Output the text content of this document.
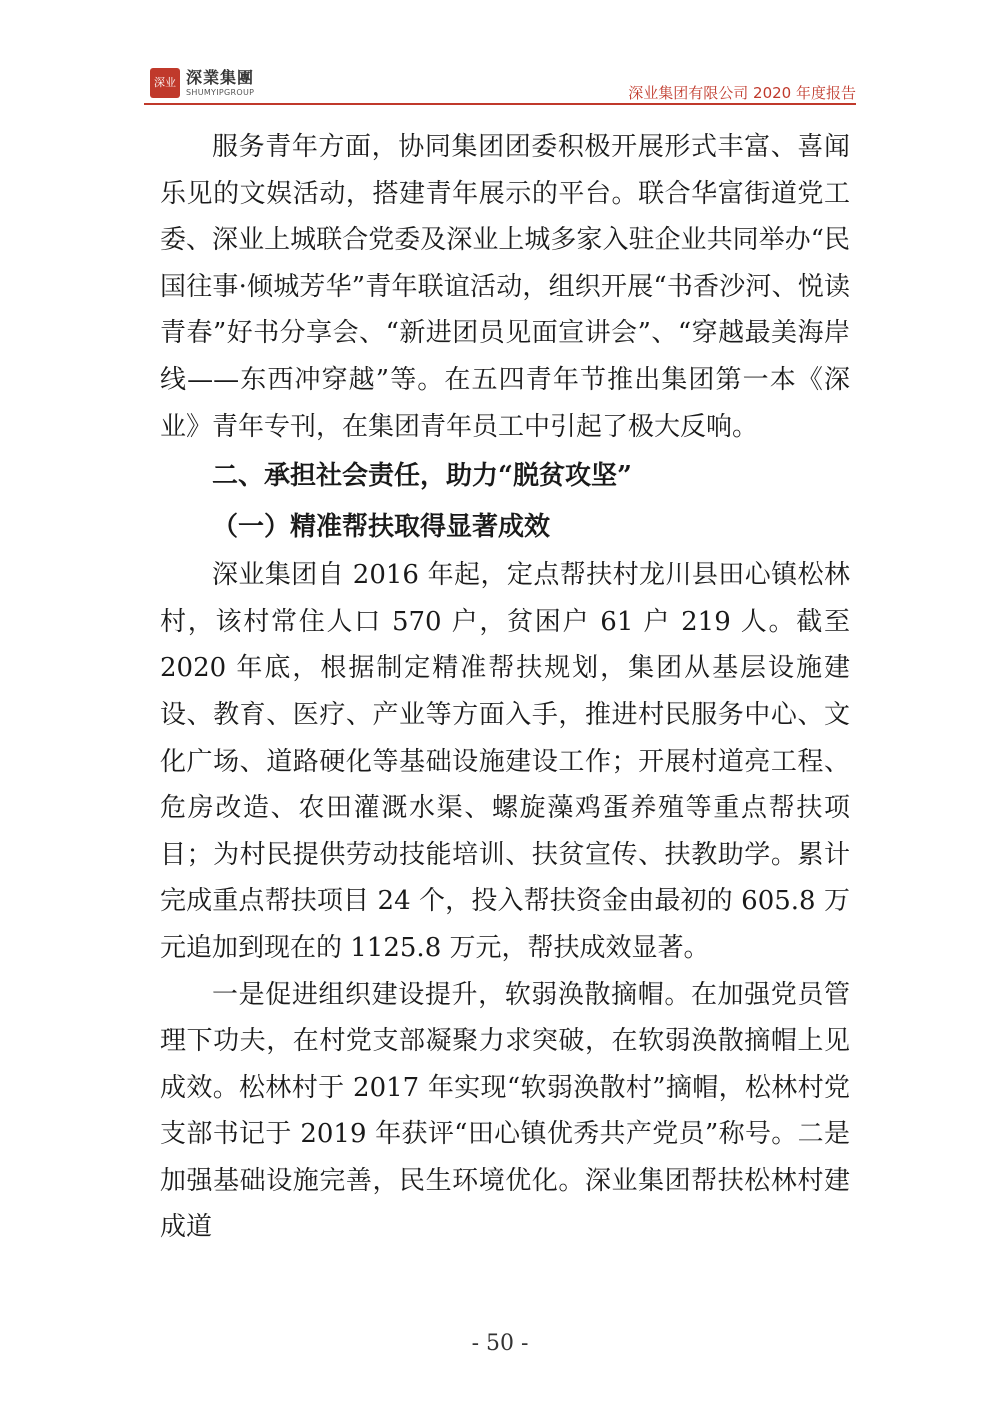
深业 深業集團
SHUMYIPGROUP	深业集团有限公司 2020 年度报告

服务青年方面，协同集团团委积极开展形式丰富、喜闻乐见的文娱活动，搭建青年展示的平台。联合华富街道党工委、深业上城联合党委及深业上城多家入驻企业共同举办“民国往事·倾城芳华”青年联谊活动，组织开展“书香沙河、悦读青春”好书分享会、“新进团员见面宣讲会”、“穿越最美海岸线——东西冲穿越”等。在五四青年节推出集团第一本《深业》青年专刊，在集团青年员工中引起了极大反响。

二、承担社会责任，助力“脱贫攻坚”
（一）精准帮扶取得显著成效

深业集团自 2016 年起，定点帮扶村龙川县田心镇松林村，该村常住人口 570 户，贫困户 61 户 219 人。截至 2020 年底，根据制定精准帮扶规划，集团从基层设施建设、教育、医疗、产业等方面入手，推进村民服务中心、文化广场、道路硬化等基础设施建设工作；开展村道亮工程、危房改造、农田灌溉水渠、螺旋藻鸡蛋养殖等重点帮扶项目；为村民提供劳动技能培训、扶贫宣传、扶教助学。累计完成重点帮扶项目 24 个，投入帮扶资金由最初的 605.8 万元追加到现在的 1125.8 万元，帮扶成效显著。

一是促进组织建设提升，软弱涣散摘帽。在加强党员管理下功夫，在村党支部凝聚力求突破，在软弱涣散摘帽上见成效。松林村于 2017 年实现“软弱涣散村”摘帽，松林村党支部书记于 2019 年获评“田心镇优秀共产党员”称号。二是加强基础设施完善，民生环境优化。深业集团帮扶松林村建成道

- 50 -
